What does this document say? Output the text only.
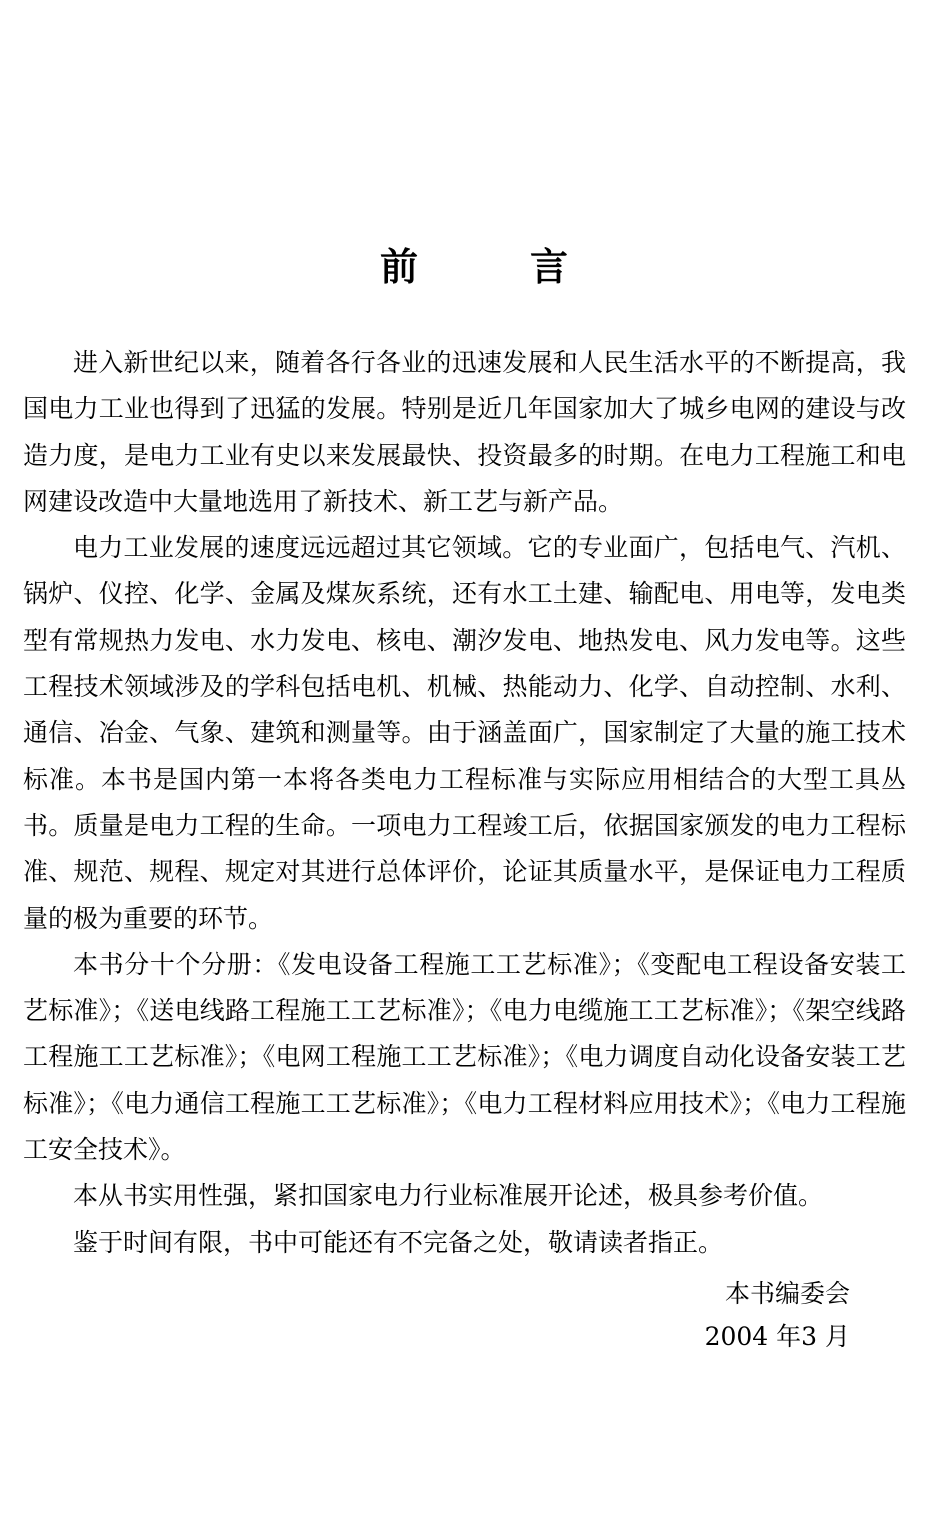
前	言

进入新世纪以来，随着各行各业的迅速发展和人民生活水平的不断提高，我国电力工业也得到了迅猛的发展。特别是近几年国家加大了城乡电网的建设与改造力度，是电力工业有史以来发展最快、投资最多的时期。在电力工程施工和电网建设改造中大量地选用了新技术、新工艺与新产品。

电力工业发展的速度远远超过其它领域。它的专业面广，包括电气、汽机、锅炉、仪控、化学、金属及煤灰系统，还有水工土建、输配电、用电等，发电类型有常规热力发电、水力发电、核电、潮汐发电、地热发电、风力发电等。这些工程技术领域涉及的学科包括电机、机械、热能动力、化学、自动控制、水利、通信、冶金、气象、建筑和测量等。由于涵盖面广，国家制定了大量的施工技术标准。本书是国内第一本将各类电力工程标准与实际应用相结合的大型工具丛书。质量是电力工程的生命。一项电力工程竣工后，依据国家颁发的电力工程标准、规范、规程、规定对其进行总体评价，论证其质量水平，是保证电力工程质量的极为重要的环节。

本书分十个分册：《发电设备工程施工工艺标准》；《变配电工程设备安装工艺标准》；《送电线路工程施工工艺标准》；《电力电缆施工工艺标准》；《架空线路工程施工工艺标准》；《电网工程施工工艺标准》；《电力调度自动化设备安装工艺标准》；《电力通信工程施工工艺标准》；《电力工程材料应用技术》；《电力工程施工安全技术》。

本从书实用性强，紧扣国家电力行业标准展开论述，极具参考价值。

鉴于时间有限，书中可能还有不完备之处，敬请读者指正。

本书编委会
2004 年3 月
